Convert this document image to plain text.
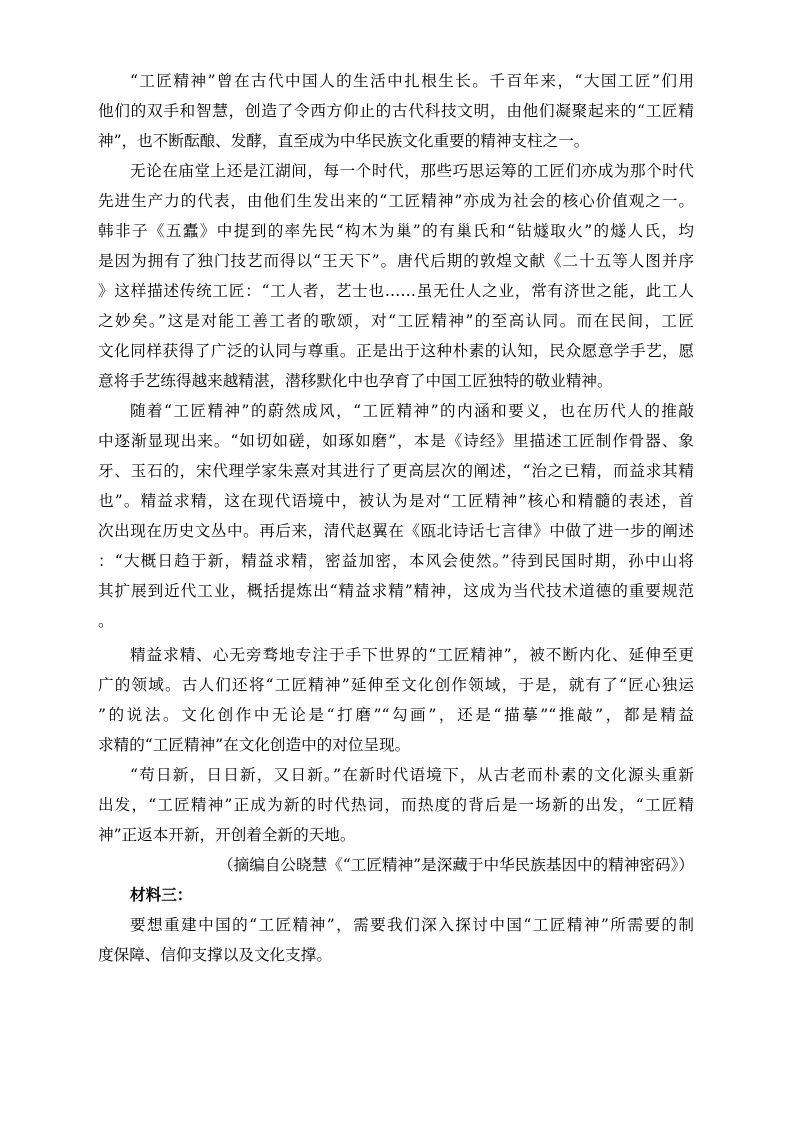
“工匠精神”曾在古代中国人的生活中扎根生长。千百年来，“大国工匠”们用
他们的双手和智慧，创造了令西方仰止的古代科技文明，由他们凝聚起来的“工匠精
神”，也不断酝酿、发酵，直至成为中华民族文化重要的精神支柱之一。
无论在庙堂上还是江湖间，每一个时代，那些巧思运筹的工匠们亦成为那个时代
先进生产力的代表，由他们生发出来的“工匠精神”亦成为社会的核心价值观之一。
韩非子《五蠹》中提到的率先民“构木为巢”的有巢氏和“钻燧取火”的燧人氏，均
是因为拥有了独门技艺而得以“王天下”。唐代后期的敦煌文献《二十五等人图并序
》这样描述传统工匠：“工人者，艺士也……虽无仕人之业，常有济世之能，此工人
之妙矣。”这是对能工善工者的歌颂，对“工匠精神”的至高认同。而在民间，工匠
文化同样获得了广泛的认同与尊重。正是出于这种朴素的认知，民众愿意学手艺，愿
意将手艺练得越来越精湛，潜移默化中也孕育了中国工匠独特的敬业精神。
随着“工匠精神”的蔚然成风，“工匠精神”的内涵和要义，也在历代人的推敲
中逐渐显现出来。“如切如磋，如琢如磨”，本是《诗经》里描述工匠制作骨器、象
牙、玉石的，宋代理学家朱熹对其进行了更高层次的阐述，“治之已精，而益求其精
也”。精益求精，这在现代语境中，被认为是对“工匠精神”核心和精髓的表述，首
次出现在历史文丛中。再后来，清代赵翼在《瓯北诗话七言律》中做了进一步的阐述
：“大概日趋于新，精益求精，密益加密，本风会使然。”待到民国时期，孙中山将
其扩展到近代工业，概括提炼出“精益求精”精神，这成为当代技术道德的重要规范
。
精益求精、心无旁骛地专注于手下世界的“工匠精神”，被不断内化、延伸至更
广的领域。古人们还将“工匠精神”延伸至文化创作领域，于是，就有了“匠心独运
”的说法。文化创作中无论是“打磨”“勾画”，还是“描摹”“推敲”，都是精益
求精的“工匠精神”在文化创造中的对位呈现。
“苟日新，日日新，又日新。”在新时代语境下，从古老而朴素的文化源头重新
出发，“工匠精神”正成为新的时代热词，而热度的背后是一场新的出发，“工匠精
神”正返本开新，开创着全新的天地。
（摘编自公晓慧《“工匠精神”是深藏于中华民族基因中的精神密码》）
材料三：
要想重建中国的“工匠精神”，需要我们深入探讨中国“工匠精神”所需要的制
度保障、信仰支撑以及文化支撑。
